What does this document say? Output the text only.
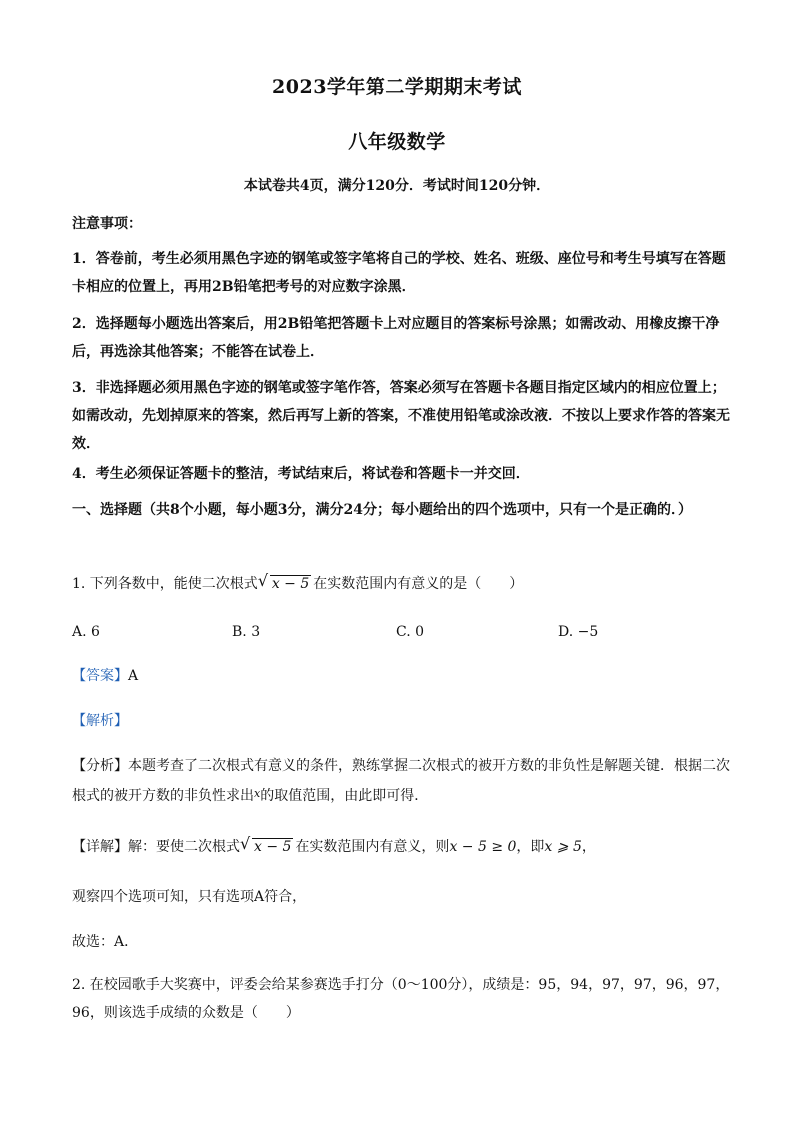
2023学年第二学期期末考试
八年级数学
本试卷共4页，满分120分．考试时间120分钟．
注意事项：
1．答卷前，考生必须用黑色字迹的钢笔或签字笔将自己的学校、姓名、班级、座位号和考生号填写在答题卡相应的位置上，再用2B铅笔把考号的对应数字涂黑．
2．选择题每小题选出答案后，用2B铅笔把答题卡上对应题目的答案标号涂黑；如需改动、用橡皮擦干净后，再选涂其他答案；不能答在试卷上．
3．非选择题必须用黑色字迹的钢笔或签字笔作答，答案必须写在答题卡各题目指定区域内的相应位置上；如需改动，先划掉原来的答案，然后再写上新的答案，不准使用铅笔或涂改液．不按以上要求作答的答案无效．
4．考生必须保证答题卡的整洁，考试结束后，将试卷和答题卡一并交回．
一、选择题（共8个小题，每小题3分，满分24分；每小题给出的四个选项中，只有一个是正确的．）
1. 下列各数中，能使二次根式 √ x − 5 在实数范围内有意义的是（　　）
A. 6	B. 3	C. 0	D. −5
【答案】A
【解析】
【分析】本题考查了二次根式有意义的条件，熟练掌握二次根式的被开方数的非负性是解题关键．根据二次根式的被开方数的非负性求出$^x$的取值范围，由此即可得．
【详解】解：要使二次根式 √ x − 5 在实数范围内有意义，则x − 5 ≥ 0，即x ⩾ 5，
观察四个选项可知，只有选项A符合，
故选：A．
2. 在校园歌手大奖赛中，评委会给某参赛选手打分（0～100分），成绩是：95，94，97，97，96，97，96，则该选手成绩的众数是（　　）
